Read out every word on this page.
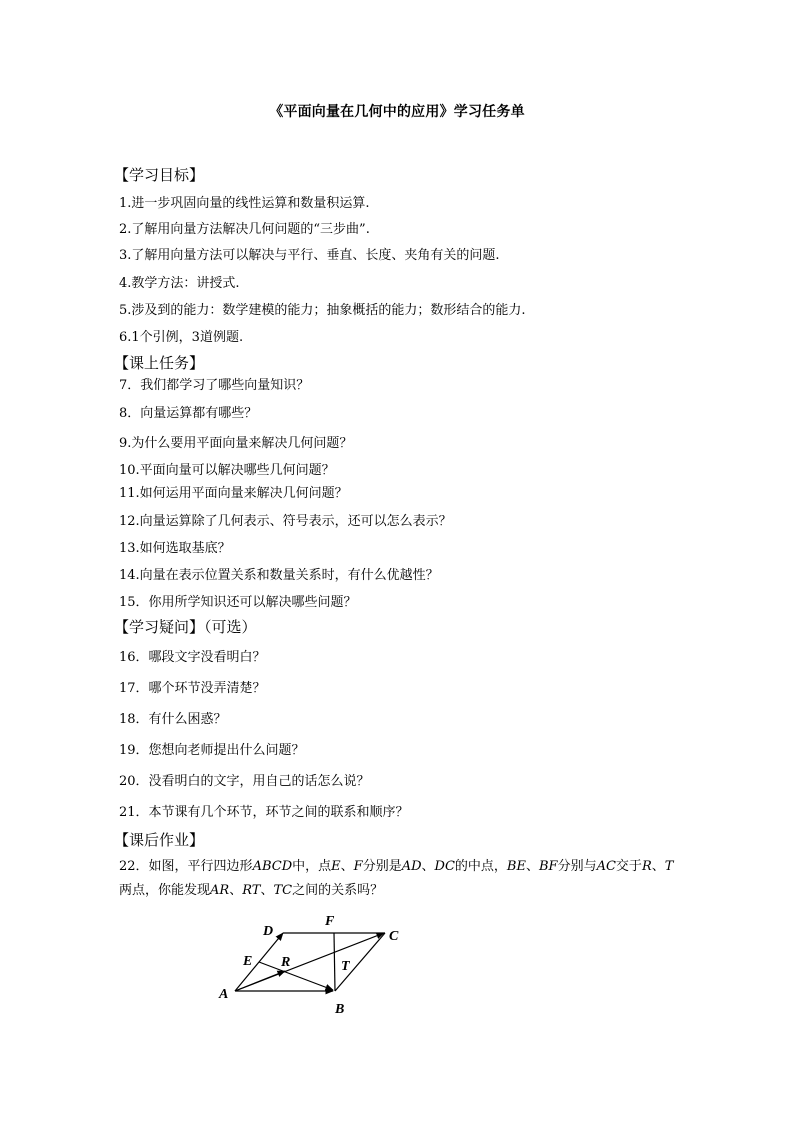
《平面向量在几何中的应用》学习任务单
【学习目标】
1.进一步巩固向量的线性运算和数量积运算.
2.了解用向量方法解决几何问题的“三步曲”.
3.了解用向量方法可以解决与平行、垂直、长度、夹角有关的问题.
4.教学方法：讲授式.
5.涉及到的能力：数学建模的能力；抽象概括的能力；数形结合的能力.
6.1个引例，3道例题.
【课上任务】
7．我们都学习了哪些向量知识？
8．向量运算都有哪些？
9.为什么要用平面向量来解决几何问题？
10.平面向量可以解决哪些几何问题？
11.如何运用平面向量来解决几何问题？
12.向量运算除了几何表示、符号表示，还可以怎么表示？
13.如何选取基底？
14.向量在表示位置关系和数量关系时，有什么优越性？
15．你用所学知识还可以解决哪些问题？
【学习疑问】（可选）
16．哪段文字没看明白？
17．哪个环节没弄清楚？
18．有什么困惑？
19．您想向老师提出什么问题？
20．没看明白的文字，用自己的话怎么说？
21．本节课有几个环节，环节之间的联系和顺序？
【课后作业】
22．如图，平行四边形ABCD中，点E、F分别是AD、DC的中点，BE、BF分别与AC交于R、T两点，你能发现AR、RT、TC之间的关系吗？
A
B
C
D
E
F
R	T
